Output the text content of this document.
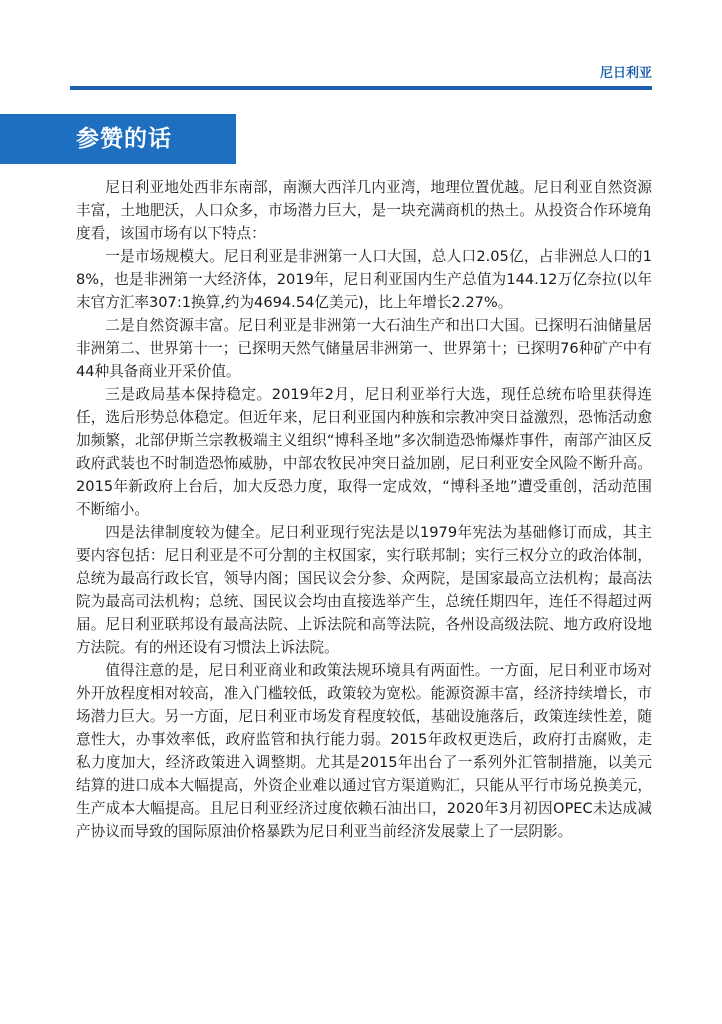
尼日利亚
参赞的话

尼日利亚地处西非东南部，南濒大西洋几内亚湾，地理位置优越。尼日利亚自然资源丰富，土地肥沃，人口众多，市场潜力巨大，是一块充满商机的热土。从投资合作环境角度看，该国市场有以下特点：

一是市场规模大。尼日利亚是非洲第一人口大国，总人口2.05亿，占非洲总人口的18%，也是非洲第一大经济体，2019年，尼日利亚国内生产总值为144.12万亿奈拉(以年末官方汇率307:1换算,约为4694.54亿美元)，比上年增长2.27%。

二是自然资源丰富。尼日利亚是非洲第一大石油生产和出口大国。已探明石油储量居非洲第二、世界第十一；已探明天然气储量居非洲第一、世界第十；已探明76种矿产中有44种具备商业开采价值。

三是政局基本保持稳定。2019年2月，尼日利亚举行大选，现任总统布哈里获得连任，选后形势总体稳定。但近年来，尼日利亚国内种族和宗教冲突日益激烈，恐怖活动愈加频繁，北部伊斯兰宗教极端主义组织“博科圣地”多次制造恐怖爆炸事件，南部产油区反政府武装也不时制造恐怖威胁，中部农牧民冲突日益加剧，尼日利亚安全风险不断升高。2015年新政府上台后，加大反恐力度，取得一定成效，“博科圣地”遭受重创，活动范围不断缩小。

四是法律制度较为健全。尼日利亚现行宪法是以1979年宪法为基础修订而成，其主要内容包括：尼日利亚是不可分割的主权国家，实行联邦制；实行三权分立的政治体制，总统为最高行政长官，领导内阁；国民议会分参、众两院，是国家最高立法机构；最高法院为最高司法机构；总统、国民议会均由直接选举产生，总统任期四年，连任不得超过两届。尼日利亚联邦设有最高法院、上诉法院和高等法院，各州设高级法院、地方政府设地方法院。有的州还设有习惯法上诉法院。

值得注意的是，尼日利亚商业和政策法规环境具有两面性。一方面，尼日利亚市场对外开放程度相对较高，准入门槛较低，政策较为宽松。能源资源丰富，经济持续增长，市场潜力巨大。另一方面，尼日利亚市场发育程度较低，基础设施落后，政策连续性差，随意性大，办事效率低，政府监管和执行能力弱。2015年政权更迭后，政府打击腐败，走私力度加大，经济政策进入调整期。尤其是2015年出台了一系列外汇管制措施，以美元结算的进口成本大幅提高，外资企业难以通过官方渠道购汇，只能从平行市场兑换美元，生产成本大幅提高。且尼日利亚经济过度依赖石油出口，2020年3月初因OPEC未达成减产协议而导致的国际原油价格暴跌为尼日利亚当前经济发展蒙上了一层阴影。
